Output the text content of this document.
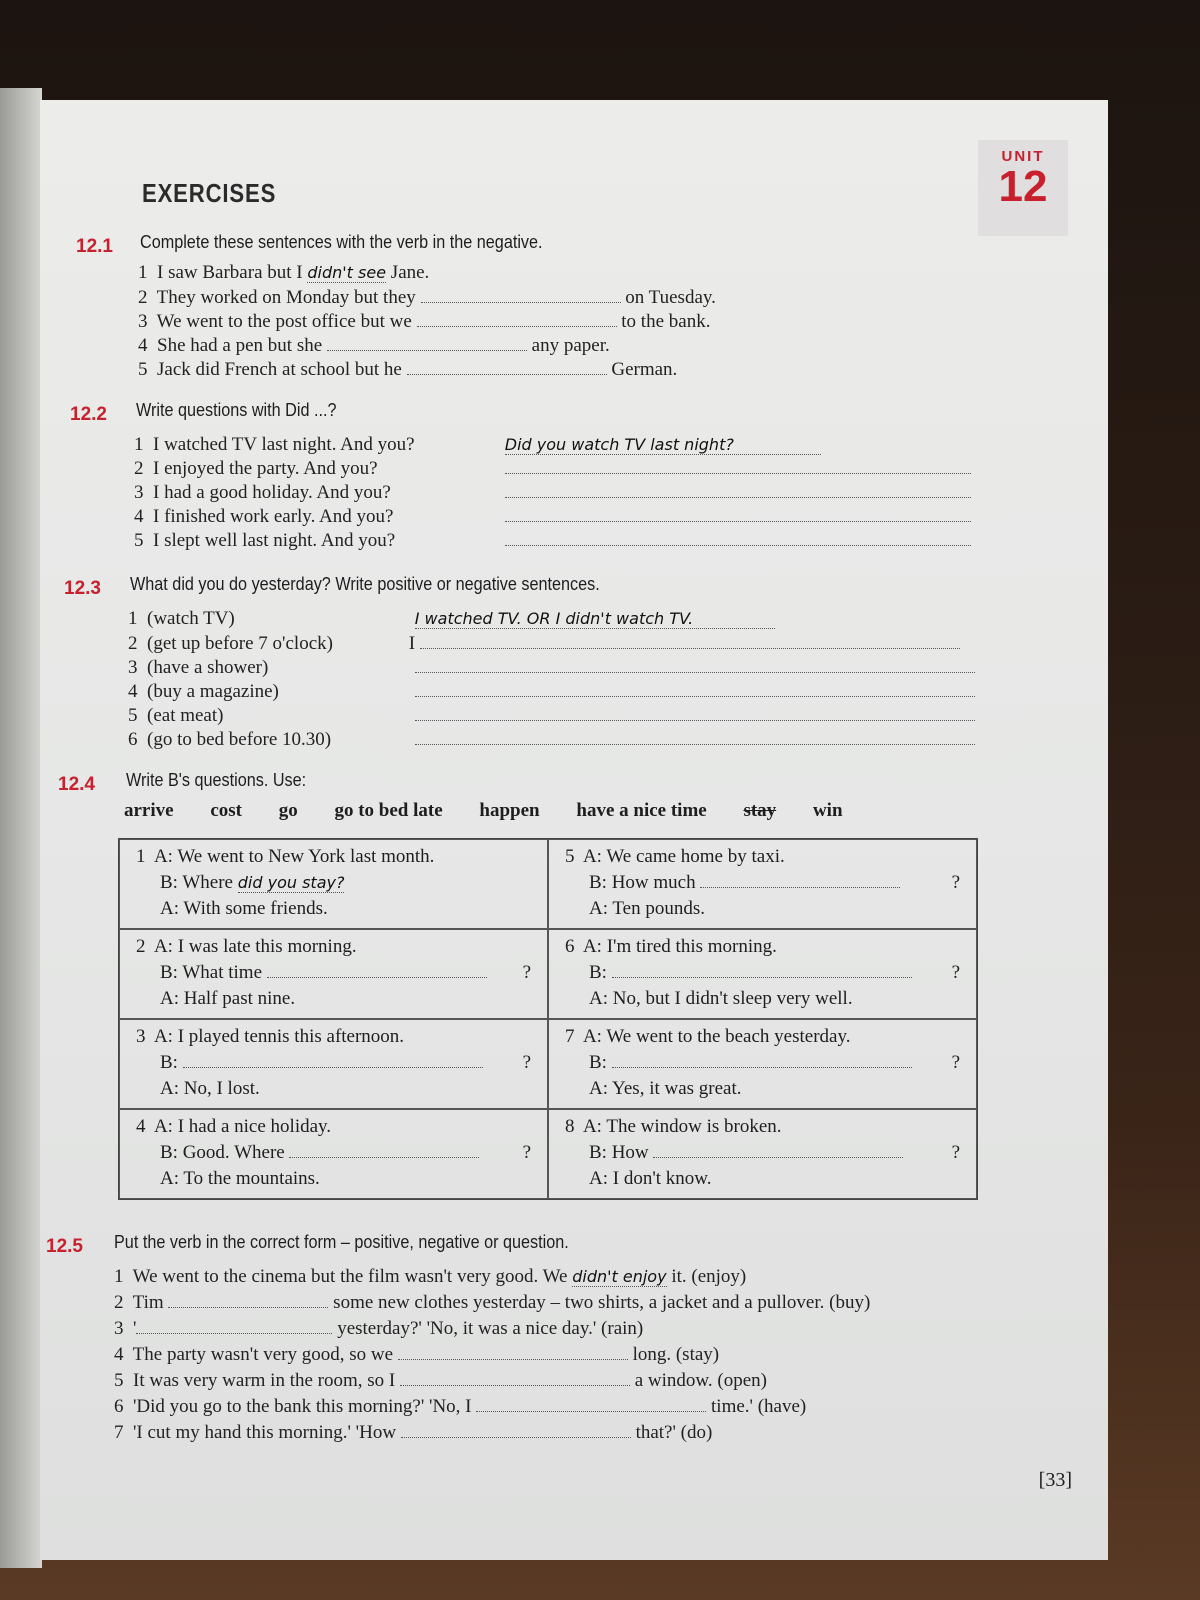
EXERCISES
UNIT
12
12.1 Complete these sentences with the verb in the negative.
1 I saw Barbara but I didn't see Jane.
2 They worked on Monday but they	on Tuesday.
3 We went to the post office but we	to the bank.
4 She had a pen but she	any paper.
5 Jack did French at school but he	German.
12.2 Write questions with Did ...?
1 I watched TV last night. And you?	Did you watch TV last night?
2 I enjoyed the party. And you?
3 I had a good holiday. And you?
4 I finished work early. And you?
5 I slept well last night. And you?
12.3 What did you do yesterday? Write positive or negative sentences.
1 (watch TV)	I watched TV. OR I didn't watch TV.
2 (get up before 7 o'clock)	I
3 (have a shower)
4 (buy a magazine)
5 (eat meat)
6 (go to bed before 10.30)
12.4 Write B's questions. Use:
arrive cost go go to bed late happen have a nice time stay win
1 A: We went to New York last month.
B: Where did you stay?
A: With some friends.
5 A: We came home by taxi.
B: How much	?
A: Ten pounds.
2 A: I was late this morning.
B: What time	?
A: Half past nine.
6 A: I'm tired this morning.
B:	?
A: No, but I didn't sleep very well.
3 A: I played tennis this afternoon.
B:	?
A: No, I lost.
7 A: We went to the beach yesterday.
B:	?
A: Yes, it was great.
4 A: I had a nice holiday.
B: Good. Where	?
A: To the mountains.
8 A: The window is broken.
B: How	?
A: I don't know.
12.5 Put the verb in the correct form – positive, negative or question.
1 We went to the cinema but the film wasn't very good. We didn't enjoy it. (enjoy)
2 Tim	some new clothes yesterday – two shirts, a jacket and a pullover. (buy)
3 '	yesterday?' 'No, it was a nice day.' (rain)
4 The party wasn't very good, so we	long. (stay)
5 It was very warm in the room, so I	a window. (open)
6 'Did you go to the bank this morning?' 'No, I	time.' (have)
7 'I cut my hand this morning.' 'How	that?' (do)
[33]
